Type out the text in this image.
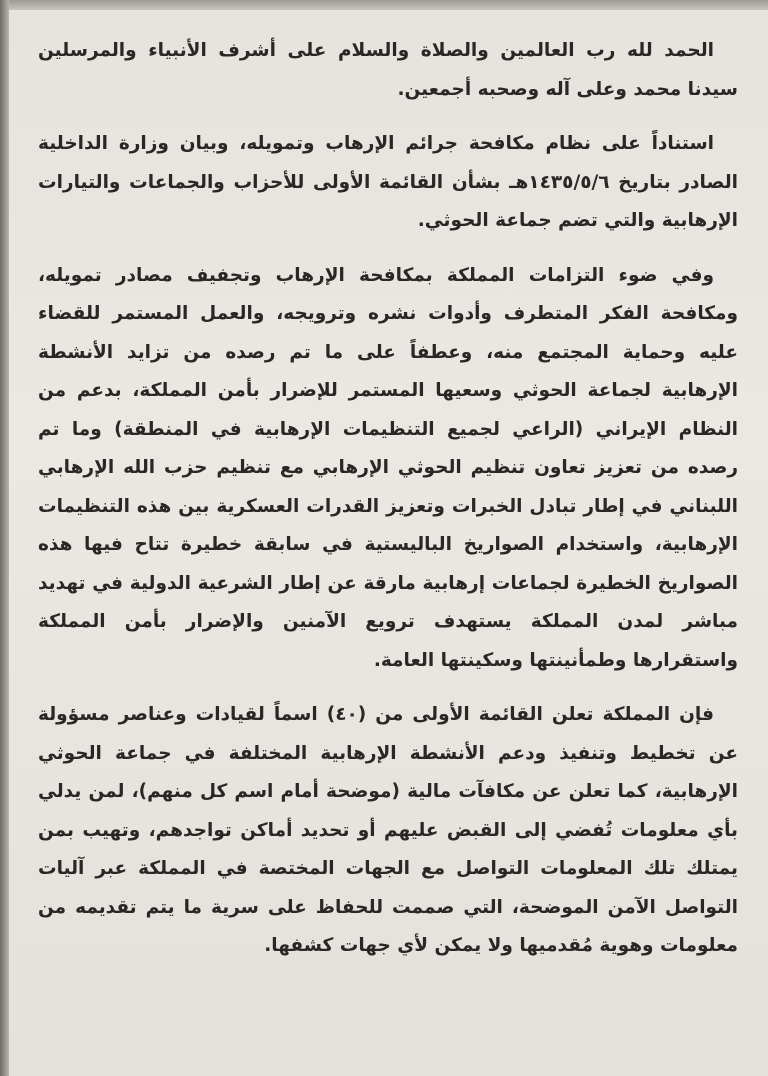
الحمد لله رب العالمين والصلاة والسلام على أشرف الأنبياء والمرسلين سيدنا محمد وعلى آله وصحبه أجمعين.

استناداً على نظام مكافحة جرائم الإرهاب وتمويله، وبيان وزارة الداخلية الصادر بتاريخ ١٤٣٥/٥/٦هـ بشأن القائمة الأولى للأحزاب والجماعات والتيارات الإرهابية والتي تضم جماعة الحوثي.

وفي ضوء التزامات المملكة بمكافحة الإرهاب وتجفيف مصادر تمويله، ومكافحة الفكر المتطرف وأدوات نشره وترويجه، والعمل المستمر للقضاء عليه وحماية المجتمع منه، وعطفاً على ما تم رصده من تزايد الأنشطة الإرهابية لجماعة الحوثي وسعيها المستمر للإضرار بأمن المملكة، بدعم من النظام الإيراني (الراعي لجميع التنظيمات الإرهابية في المنطقة) وما تم رصده من تعزيز تعاون تنظيم الحوثي الإرهابي مع تنظيم حزب الله الإرهابي اللبناني في إطار تبادل الخبرات وتعزيز القدرات العسكرية بين هذه التنظيمات الإرهابية، واستخدام الصواريخ الباليستية في سابقة خطيرة تتاح فيها هذه الصواريخ الخطيرة لجماعات إرهابية مارقة عن إطار الشرعية الدولية في تهديد مباشر لمدن المملكة يستهدف ترويع الآمنين والإضرار بأمن المملكة واستقرارها وطمأنينتها وسكينتها العامة.

فإن المملكة تعلن القائمة الأولى من (٤٠) اسماً لقيادات وعناصر مسؤولة عن تخطيط وتنفيذ ودعم الأنشطة الإرهابية المختلفة في جماعة الحوثي الإرهابية، كما تعلن عن مكافآت مالية (موضحة أمام اسم كل منهم)، لمن يدلي بأي معلومات تُفضي إلى القبض عليهم أو تحديد أماكن تواجدهم، وتهيب بمن يمتلك تلك المعلومات التواصل مع الجهات المختصة في المملكة عبر آليات التواصل الآمن الموضحة، التي صممت للحفاظ على سرية ما يتم تقديمه من معلومات وهوية مُقدميها ولا يمكن لأي جهات كشفها.
